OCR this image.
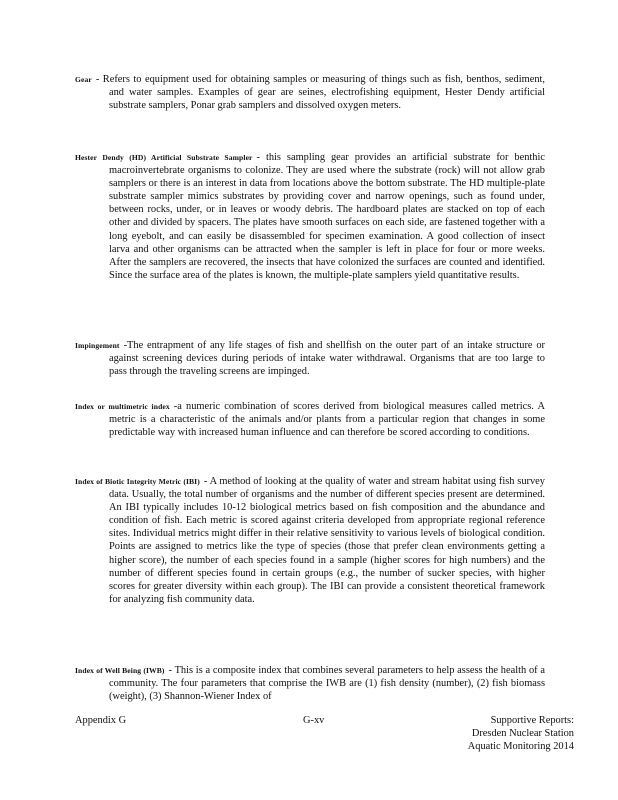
Gear - Refers to equipment used for obtaining samples or measuring of things such as fish, benthos, sediment, and water samples. Examples of gear are seines, electrofishing equipment, Hester Dendy artificial substrate samplers, Ponar grab samplers and dissolved oxygen meters.

Hester Dendy (HD) Artificial Substrate Sampler - this sampling gear provides an artificial substrate for benthic macroinvertebrate organisms to colonize. They are used where the substrate (rock) will not allow grab samplers or there is an interest in data from locations above the bottom substrate. The HD multiple-plate substrate sampler mimics substrates by providing cover and narrow openings, such as found under, between rocks, under, or in leaves or woody debris. The hardboard plates are stacked on top of each other and divided by spacers. The plates have smooth surfaces on each side, are fastened together with a long eyebolt, and can easily be disassembled for specimen examination. A good collection of insect larva and other organisms can be attracted when the sampler is left in place for four or more weeks. After the samplers are recovered, the insects that have colonized the surfaces are counted and identified. Since the surface area of the plates is known, the multiple-plate samplers yield quantitative results.

Impingement -The entrapment of any life stages of fish and shellfish on the outer part of an intake structure or against screening devices during periods of intake water withdrawal. Organisms that are too large to pass through the traveling screens are impinged.

Index or multimetric index -a numeric combination of scores derived from biological measures called metrics. A metric is a characteristic of the animals and/or plants from a particular region that changes in some predictable way with increased human influence and can therefore be scored according to conditions.

Index of Biotic Integrity Metric (IBI) - A method of looking at the quality of water and stream habitat using fish survey data. Usually, the total number of organisms and the number of different species present are determined. An IBI typically includes 10-12 biological metrics based on fish composition and the abundance and condition of fish. Each metric is scored against criteria developed from appropriate regional reference sites. Individual metrics might differ in their relative sensitivity to various levels of biological condition. Points are assigned to metrics like the type of species (those that prefer clean environments getting a higher score), the number of each species found in a sample (higher scores for high numbers) and the number of different species found in certain groups (e.g., the number of sucker species, with higher scores for greater diversity within each group). The IBI can provide a consistent theoretical framework for analyzing fish community data.

Index of Well Being (IWB) - This is a composite index that combines several parameters to help assess the health of a community. The four parameters that comprise the IWB are (1) fish density (number), (2) fish biomass (weight), (3) Shannon-Wiener Index of

Appendix G	G-xv	Supportive Reports:
Dresden Nuclear Station
Aquatic Monitoring 2014
